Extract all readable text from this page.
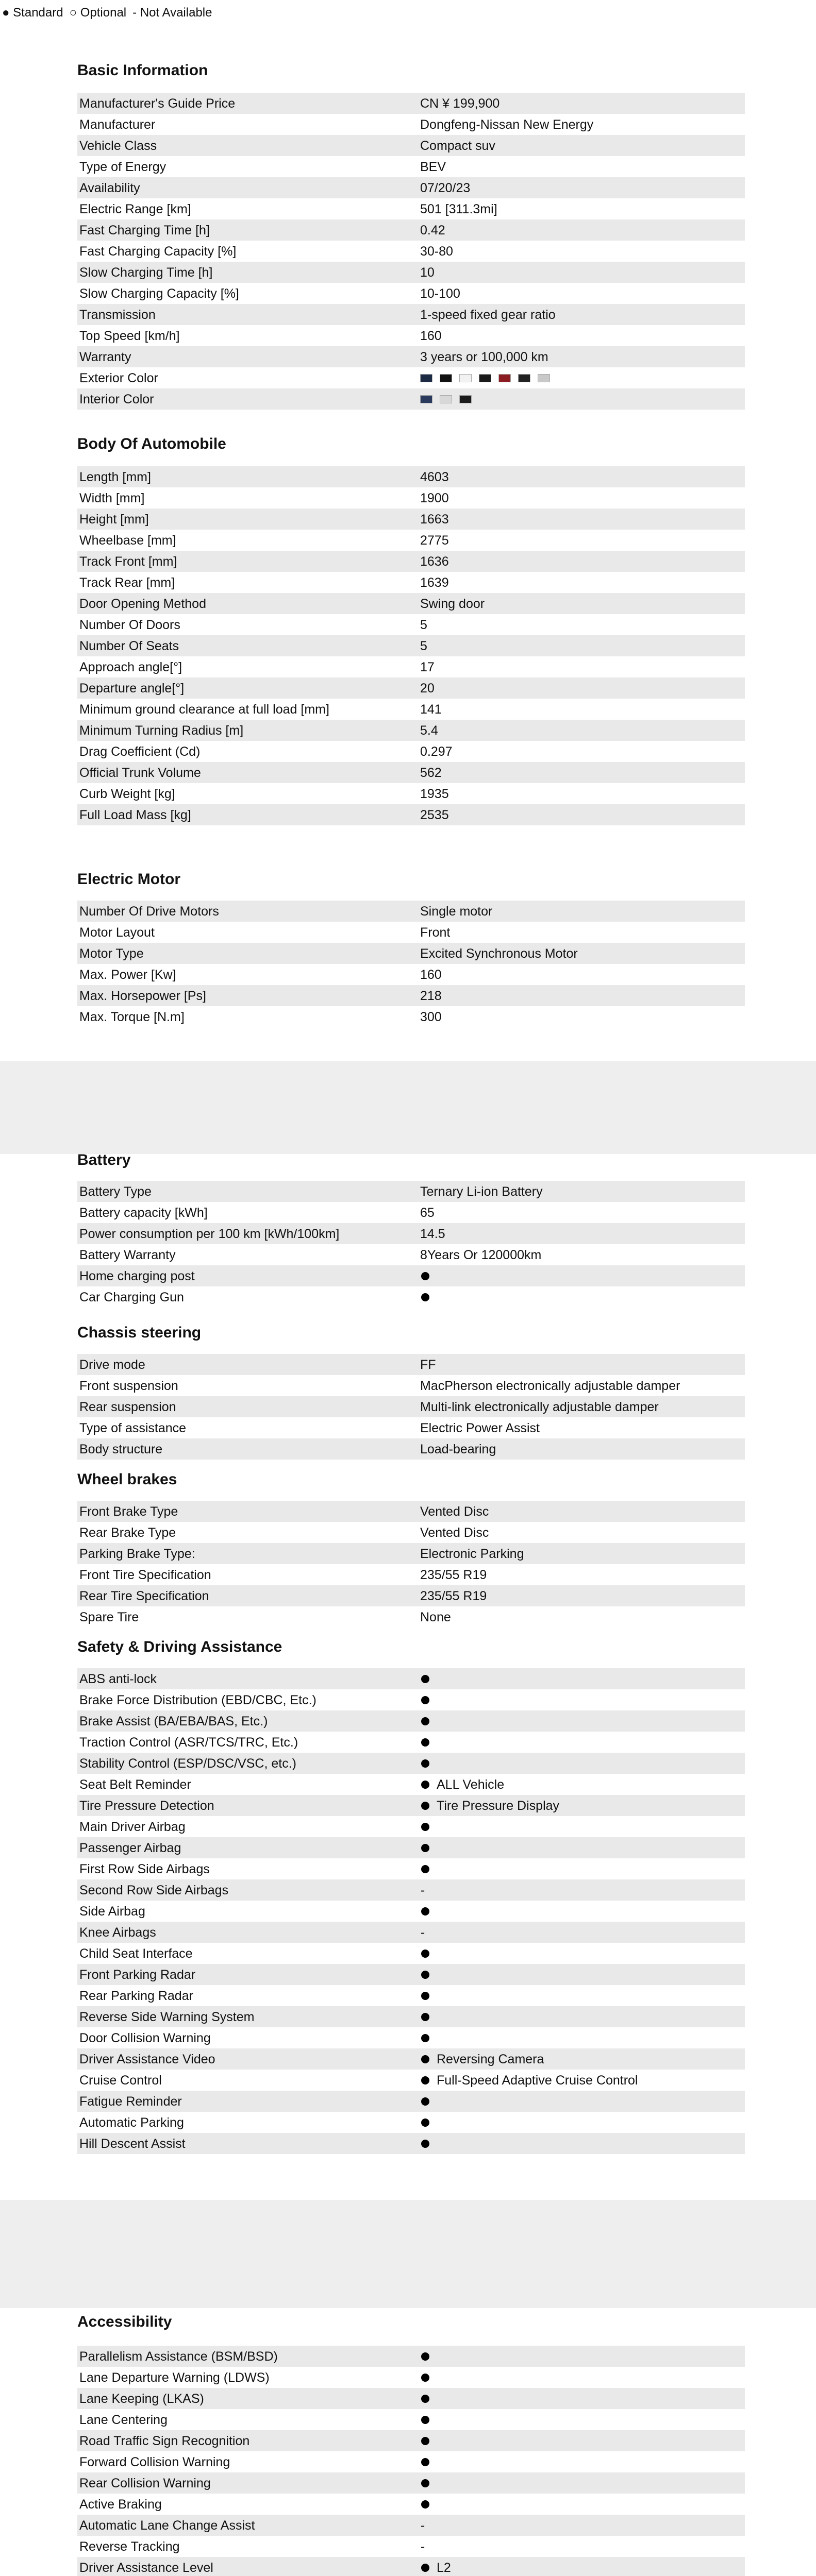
● Standard ○ Optional - Not Available
Basic Information
Manufacturer's Guide Price	CN ¥ 199,900
Manufacturer	Dongfeng-Nissan New Energy
Vehicle Class	Compact suv
Type of Energy	BEV
Availability	07/20/23
Electric Range [km]	501 [311.3mi]
Fast Charging Time [h]	0.42
Fast Charging Capacity [%]	30-80
Slow Charging Time [h]	10
Slow Charging Capacity [%]	10-100
Transmission	1-speed fixed gear ratio
Top Speed [km/h]	160
Warranty	3 years or 100,000 km
Exterior Color
Interior Color
Body Of Automobile
Length [mm]	4603
Width [mm]	1900
Height [mm]	1663
Wheelbase [mm]	2775
Track Front [mm]	1636
Track Rear [mm]	1639
Door Opening Method	Swing door
Number Of Doors	5
Number Of Seats	5
Approach angle[°]	17
Departure angle[°]	20
Minimum ground clearance at full load [mm]	141
Minimum Turning Radius [m]	5.4
Drag Coefficient (Cd)	0.297
Official Trunk Volume	562
Curb Weight [kg]	1935
Full Load Mass [kg]	2535
Electric Motor
Number Of Drive Motors	Single motor
Motor Layout	Front
Motor Type	Excited Synchronous Motor
Max. Power [Kw]	160
Max. Horsepower [Ps]	218
Max. Torque [N.m]	300
Battery
Battery Type	Ternary Li-ion Battery
Battery capacity [kWh]	65
Power consumption per 100 km [kWh/100km]	14.5
Battery Warranty	8Years Or 120000km
Home charging post
Car Charging Gun
Chassis steering
Drive mode	FF
Front suspension	MacPherson electronically adjustable damper
Rear suspension	Multi-link electronically adjustable damper
Type of assistance	Electric Power Assist
Body structure	Load-bearing
Wheel brakes
Front Brake Type	Vented Disc
Rear Brake Type	Vented Disc
Parking Brake Type:	Electronic Parking
Front Tire Specification	235/55 R19
Rear Tire Specification	235/55 R19
Spare Tire	None
Safety & Driving Assistance
ABS anti-lock
Brake Force Distribution (EBD/CBC, Etc.)
Brake Assist (BA/EBA/BAS, Etc.)
Traction Control (ASR/TCS/TRC, Etc.)
Stability Control (ESP/DSC/VSC, etc.)
Seat Belt Reminder	ALL Vehicle
Tire Pressure Detection	Tire Pressure Display
Main Driver Airbag
Passenger Airbag
First Row Side Airbags
Second Row Side Airbags	-
Side Airbag
Knee Airbags	-
Child Seat Interface
Front Parking Radar
Rear Parking Radar
Reverse Side Warning System
Door Collision Warning
Driver Assistance Video	Reversing Camera
Cruise Control	Full-Speed Adaptive Cruise Control
Fatigue Reminder
Automatic Parking
Hill Descent Assist
Accessibility
Parallelism Assistance (BSM/BSD)
Lane Departure Warning (LDWS)
Lane Keeping (LKAS)
Lane Centering
Road Traffic Sign Recognition
Forward Collision Warning
Rear Collision Warning
Active Braking
Automatic Lane Change Assist	-
Reverse Tracking	-
Driver Assistance Level	L2
